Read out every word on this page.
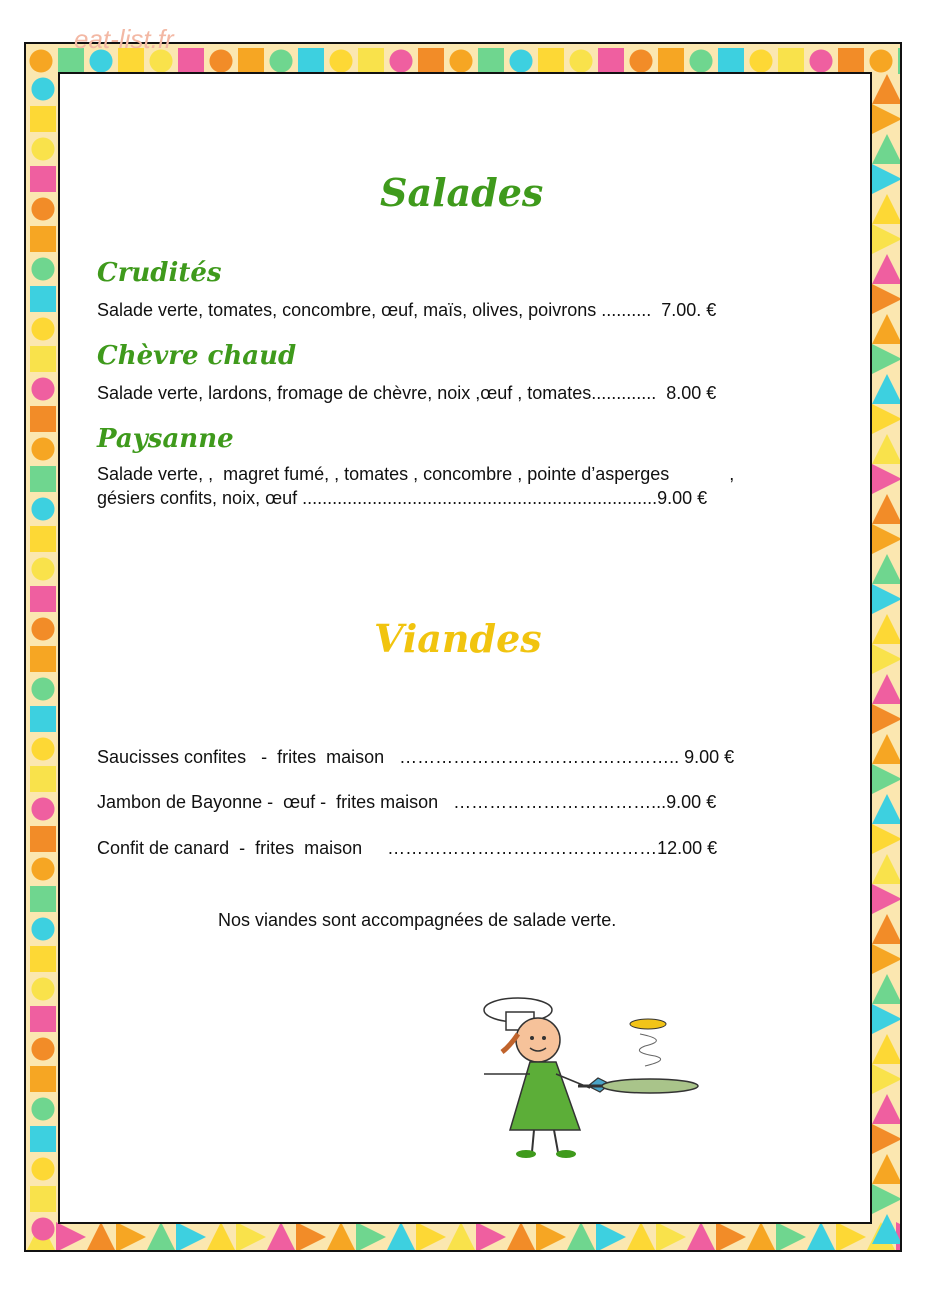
eat-list.fr
Salades
Crudités
Salade verte, tomates, concombre, œuf, maïs, olives, poivrons ..........  7.00. €
Chèvre chaud
Salade verte, lardons, fromage de chèvre, noix ,œuf , tomates.............  8.00 €
Paysanne
Salade verte, ,  magret fumé, , tomates , concombre , pointe d’asperges            ,
gésiers confits, noix, œuf .......................................................................9.00 €
Viandes
Saucisses confites   -  frites  maison   ……………………………………….. 9.00 €
Jambon de Bayonne -  œuf -  frites maison   ……………………………...9.00 €
Confit de canard  -  frites  maison     ………………………………………12.00 €
Nos viandes sont accompagnées de salade verte.
